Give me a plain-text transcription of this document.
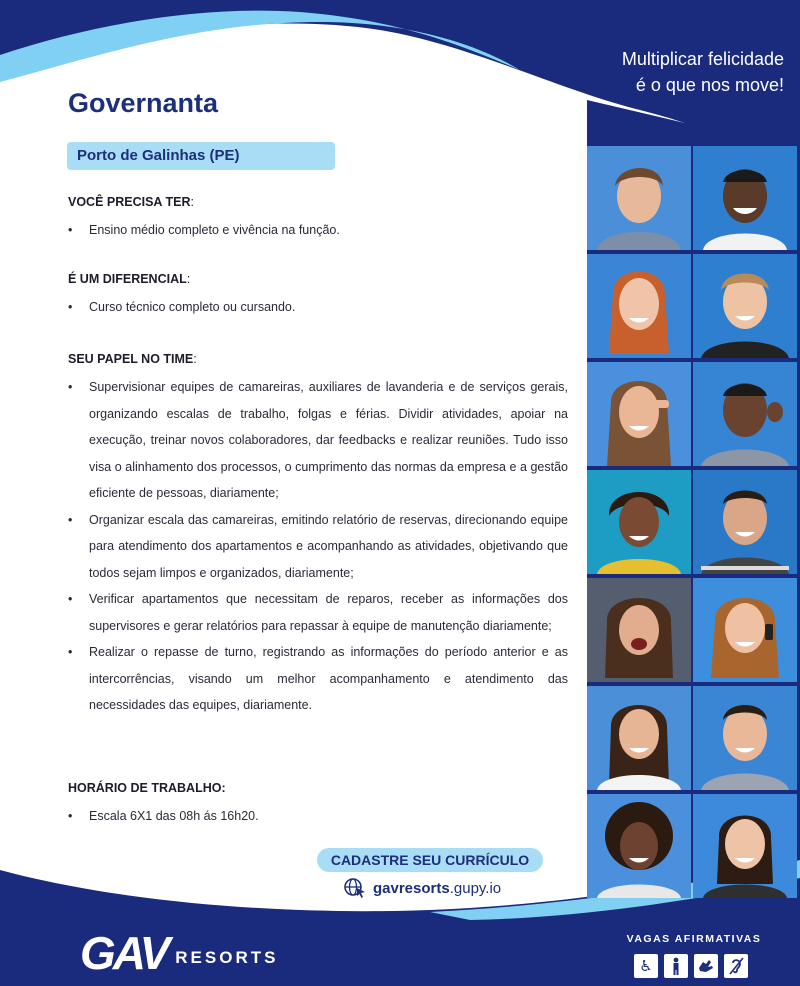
Multiplicar felicidade
é o que nos move!
Governanta
Porto de Galinhas (PE)
VOCÊ PRECISA TER:
• Ensino médio completo e vivência na função.
É UM DIFERENCIAL:
• Curso técnico completo ou cursando.
SEU PAPEL NO TIME:
• Supervisionar equipes de camareiras, auxiliares de lavanderia e de serviços gerais, organizando escalas de trabalho, folgas e férias. Dividir atividades, apoiar na execução, treinar novos colaboradores, dar feedbacks e realizar reuniões. Tudo isso visa o alinhamento dos processos, o cumprimento das normas da empresa e a gestão eficiente de pessoas, diariamente;
• Organizar escala das camareiras, emitindo relatório de reservas, direcionando equipe para atendimento dos apartamentos e acompanhando as atividades, objetivando que todos sejam limpos e organizados, diariamente;
• Verificar apartamentos que necessitam de reparos, receber as informações dos supervisores e gerar relatórios para repassar à equipe de manutenção diariamente;
• Realizar o repasse de turno, registrando as informações do período anterior e as intercorrências, visando um melhor acompanhamento e atendimento das necessidades das equipes, diariamente.
HORÁRIO DE TRABALHO:
• Escala 6X1 das 08h ás 16h20.
CADASTRE SEU CURRÍCULO
gavresorts.gupy.io
GAV RESORTS
VAGAS AFIRMATIVAS
♿
